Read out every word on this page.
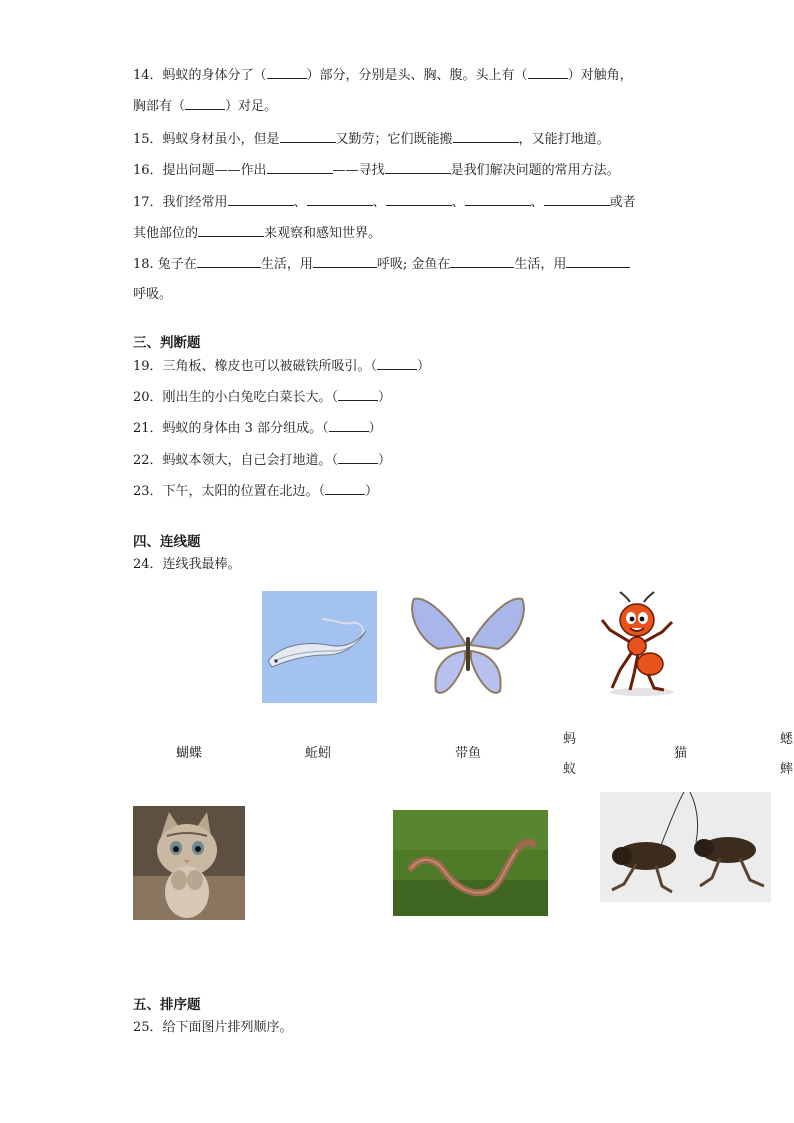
14．蚂蚁的身体分了（	）部分，分别是头、胸、腹。头上有（	）对触角，
胸部有（	）对足。
15．蚂蚁身材虽小，但是	又勤劳；它们既能搬	，又能打地道。
16．提出问题——作出	——寻找	是我们解决问题的常用方法。
17．我们经常用	、	、	、	、	或者
其他部位的	来观察和感知世界。
18. 兔子在	生活，用	呼吸; 金鱼在	生活，用
呼吸。
三、判断题
19．三角板、橡皮也可以被磁铁所吸引。（	）
20．刚出生的小白兔吃白菜长大。（	）
21．蚂蚁的身体由 3 部分组成。（	）
22．蚂蚁本领大，自己会打地道。（	）
23．下午，太阳的位置在北边。（	）
四、连线题
24．连线我最棒。
蝴蝶	蚯蚓	带鱼
蚂
蚁
猫
蟋
蟀
五、排序题
25．给下面图片排列顺序。
